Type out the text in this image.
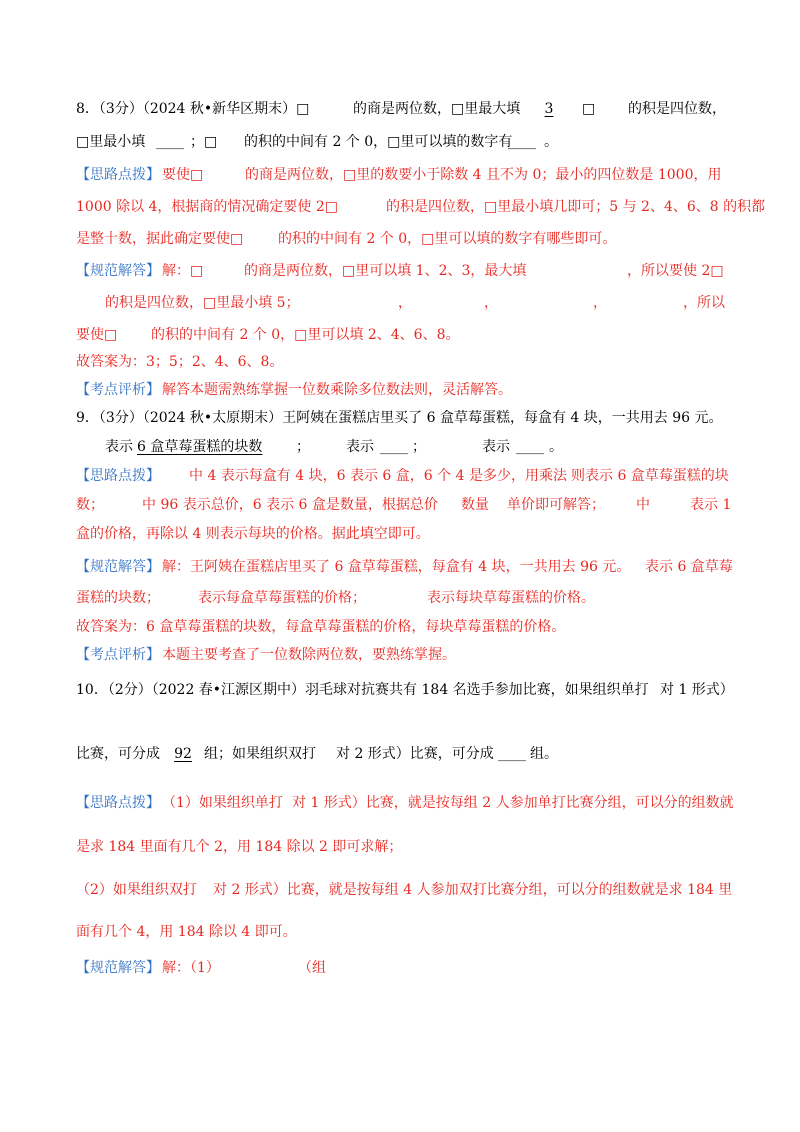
8．（3分）（2024 秋•新华区期末）□	的商是两位数，□里最大填	3	□ 的积是四位数，
□里最小填 ____ ；□ 的积的中间有 2 个 0，□里可以填的数字有
____ 。
【思路点拨】 要使□	的商是两位数，□里的数要小于除数 4 且不为 0；最小的四位数是 1000，用
1000 除以 4，根据商的情况确定要使 2□	的积是四位数，□里最小填几即可；5 与 2、4、6、8 的积都
是整十数，据此确定要使□ 的积的中间有 2 个 0，□里可以填的数字有哪些即可。
【规范解答】 解：□	的商是两位数，□里可以填 1、2、3，最大填	，所以要使 2□
的积是四位数，□里最小填 5；	，	，	，	，所以
要使□ 的积的中间有 2 个 0，□里可以填 2、4、6、8。
故答案为：3；5；2、4、6、8。
【考点评析】 解答本题需熟练掌握一位数乘除多位数法则，灵活解答。
9．（3分）（2024 秋•太原期末）王阿姨在蛋糕店里买了 6 盒草莓蛋糕，每盒有 4 块，一共用去 96 元。
表示 6 盒草莓蛋糕的块数 ；	表示 ____ ；	表示 ____ 。
【思路点拨】 中 4 表示每盒有 4 块，6 表示 6 盒，6 个 4 是多少，用乘法 则表示 6 盒草莓蛋糕的块
数；	中 96 表示总价，6 表示 6 盒是数量，根据总价 数量 单价即可解答； 中	表示 1
盒的价格，再除以 4 则表示每块的价格。据此填空即可。
【规范解答】 解：王阿姨在蛋糕店里买了 6 盒草莓蛋糕，每盒有 4 块，一共用去 96 元。 表示 6 盒草莓
蛋糕的块数；	表示每盒草莓蛋糕的价格；	表示每块草莓蛋糕的价格。
故答案为：6 盒草莓蛋糕的块数，每盒草莓蛋糕的价格，每块草莓蛋糕的价格。
【考点评析】 本题主要考查了一位数除两位数，要熟练掌握。
10．（2分）（2022 春•江源区期中）羽毛球对抗赛共有 184 名选手参加比赛，如果组织单打 对 1 形式）
比赛，可分成	92 组；如果组织双打 对 2 形式）比赛，可分成 ____ 组。
【思路点拨】 （1）如果组织单打 对 1 形式）比赛，就是按每组 2 人参加单打比赛分组，可以分的组数就
是求 184 里面有几个 2，用 184 除以 2 即可求解；
（2）如果组织双打 对 2 形式）比赛，就是按每组 4 人参加双打比赛分组，可以分的组数就是求 184 里
面有几个 4，用 184 除以 4 即可。
【规范解答】 解：（1）	（组
